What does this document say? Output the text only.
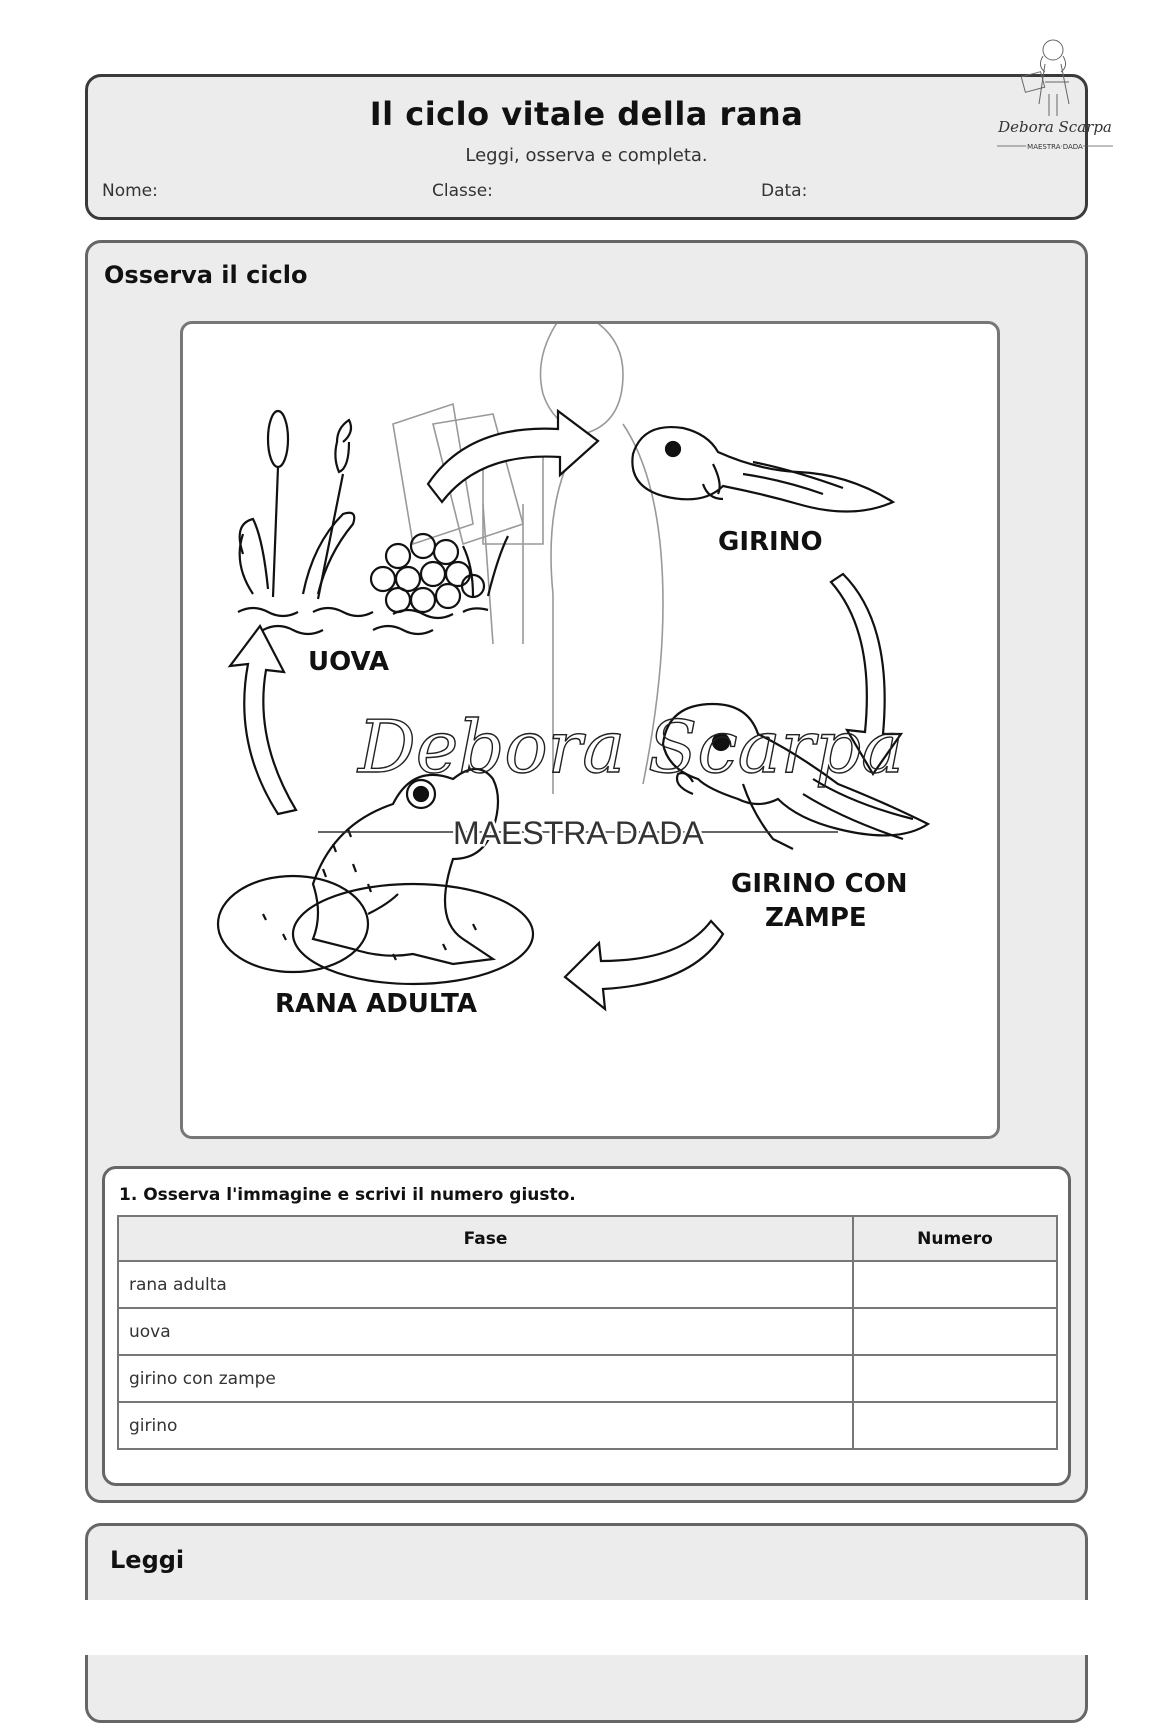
Il ciclo vitale della rana
Leggi, osserva e completa.
Nome:	Classe:	Data:
Debora Scarpa
MAESTRA DADA
Osserva il ciclo
GIRINO
GIRINO CON
ZAMPE
RANA ADULTA
UOVA
Debora Scarpa
MAESTRA DADA
1. Osserva l'immagine e scrivi il numero giusto.
Fase	Numero
rana adulta	
uova	
girino con zampe	
girino	
Leggi
